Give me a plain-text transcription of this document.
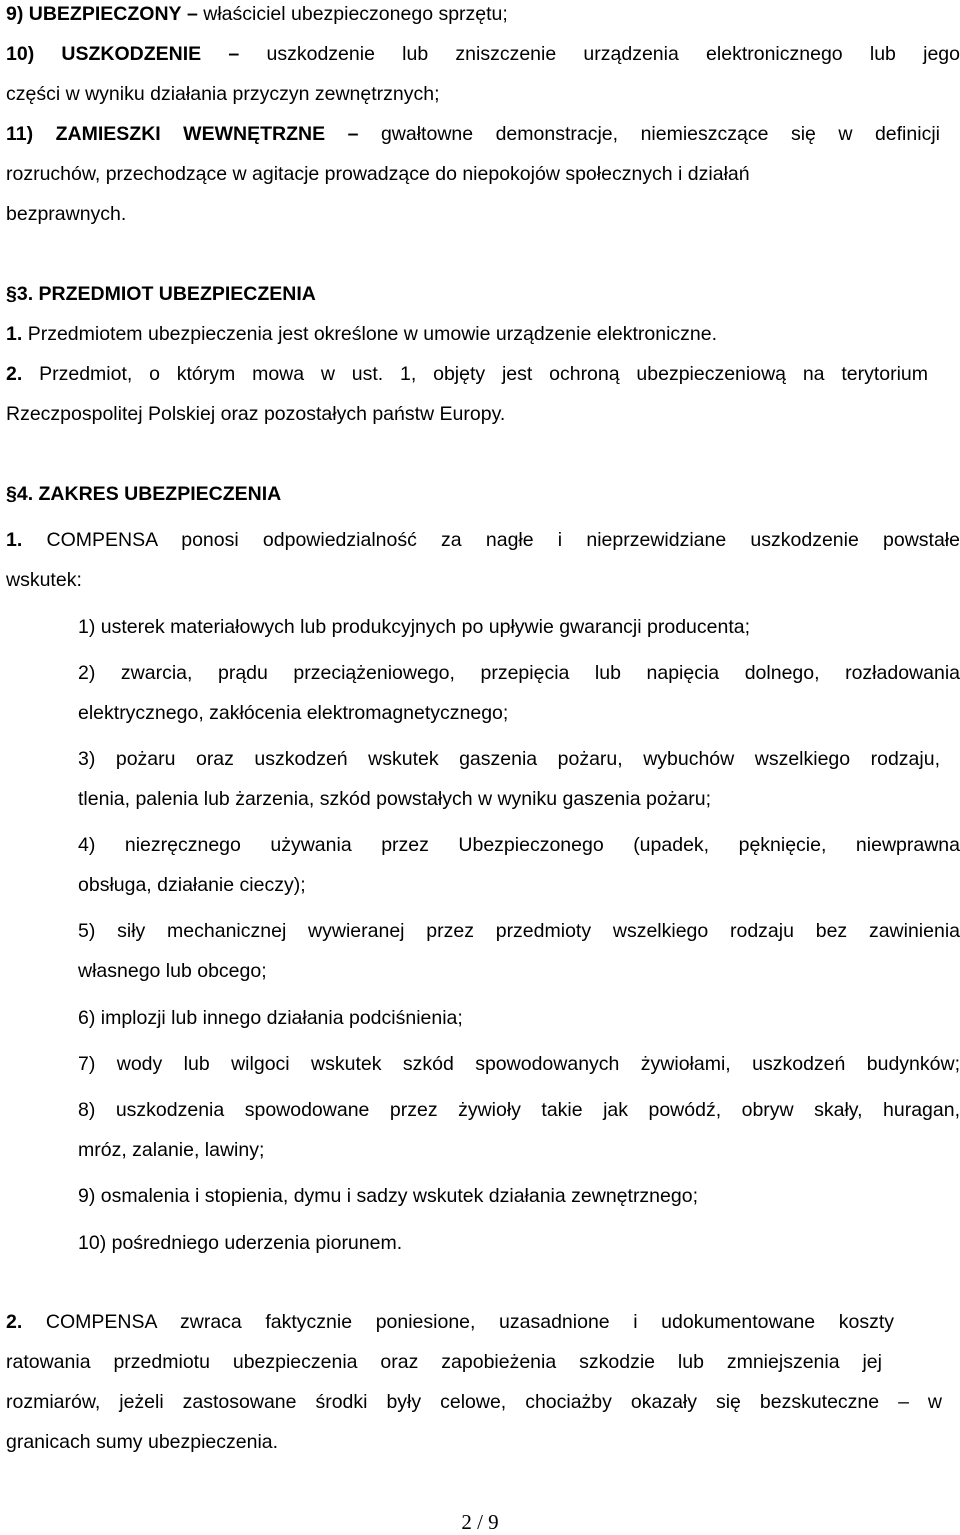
9) UBEZPIECZONY – właściciel ubezpieczonego sprzętu;
10) USZKODZENIE – uszkodzenie lub zniszczenie urządzenia elektronicznego lub jego
części w wyniku działania przyczyn zewnętrznych;
11) ZAMIESZKI WEWNĘTRZNE – gwałtowne demonstracje, niemieszczące się w definicji
rozruchów, przechodzące w agitacje prowadzące do niepokojów społecznych i działań
bezprawnych.
§3. PRZEDMIOT UBEZPIECZENIA
1. Przedmiotem ubezpieczenia jest określone w umowie urządzenie elektroniczne.
2. Przedmiot, o którym mowa w ust. 1, objęty jest ochroną ubezpieczeniową na terytorium
Rzeczpospolitej Polskiej oraz pozostałych państw Europy.
§4. ZAKRES UBEZPIECZENIA
1. COMPENSA ponosi odpowiedzialność za nagłe i nieprzewidziane uszkodzenie powstałe
wskutek:
1) usterek materiałowych lub produkcyjnych po upływie gwarancji producenta;
2) zwarcia, prądu przeciążeniowego, przepięcia lub napięcia dolnego, rozładowania
elektrycznego, zakłócenia elektromagnetycznego;
3) pożaru oraz uszkodzeń wskutek gaszenia pożaru, wybuchów wszelkiego rodzaju,
tlenia, palenia lub żarzenia, szkód powstałych w wyniku gaszenia pożaru;
4) niezręcznego używania przez Ubezpieczonego (upadek, pęknięcie, niewprawna
obsługa, działanie cieczy);
5) siły mechanicznej wywieranej przez przedmioty wszelkiego rodzaju bez zawinienia
własnego lub obcego;
6) implozji lub innego działania podciśnienia;
7) wody lub wilgoci wskutek szkód spowodowanych żywiołami, uszkodzeń budynków;
8) uszkodzenia spowodowane przez żywioły takie jak powódź, obryw skały, huragan,
mróz, zalanie, lawiny;
9) osmalenia i stopienia, dymu i sadzy wskutek działania zewnętrznego;
10) pośredniego uderzenia piorunem.
2. COMPENSA zwraca faktycznie poniesione, uzasadnione i udokumentowane koszty
ratowania przedmiotu ubezpieczenia oraz zapobieżenia szkodzie lub zmniejszenia jej
rozmiarów, jeżeli zastosowane środki były celowe, chociażby okazały się bezskuteczne – w
granicach sumy ubezpieczenia.
2 / 9
